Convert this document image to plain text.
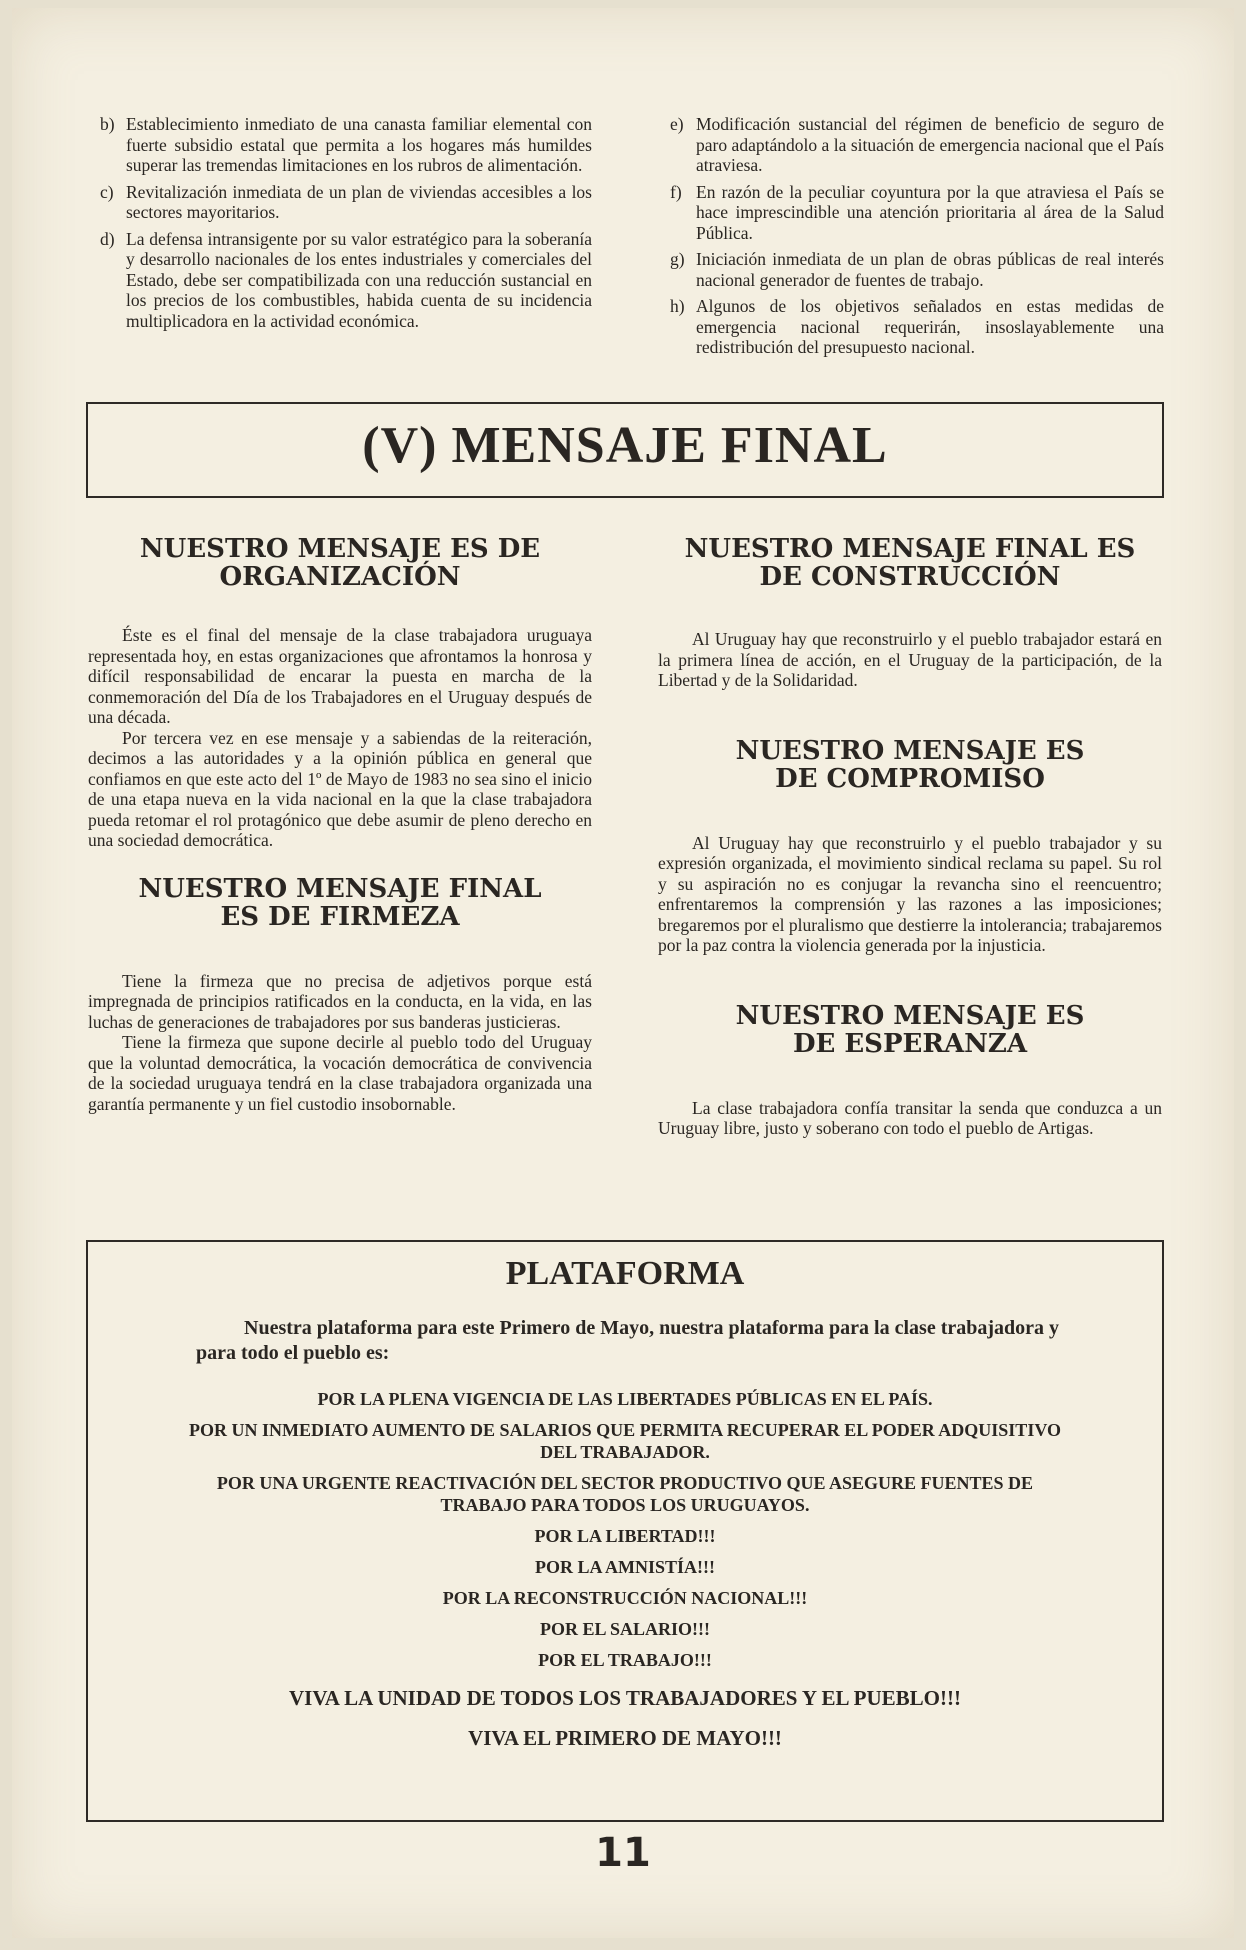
b) Establecimiento inmediato de una canasta familiar elemental con fuerte subsidio estatal que permita a los hogares más humildes superar las tremendas limitaciones en los rubros de alimentación.
c) Revitalización inmediata de un plan de viviendas accesibles a los sectores mayoritarios.
d) La defensa intransigente por su valor estratégico para la soberanía y desarrollo nacionales de los entes industriales y comerciales del Estado, debe ser compatibilizada con una reducción sustancial en los precios de los combustibles, habida cuenta de su incidencia multiplicadora en la actividad económica.
e) Modificación sustancial del régimen de beneficio de seguro de paro adaptándolo a la situación de emergencia nacional que el País atraviesa.
f) En razón de la peculiar coyuntura por la que atraviesa el País se hace imprescindible una atención prioritaria al área de la Salud Pública.
g) Iniciación inmediata de un plan de obras públicas de real interés nacional generador de fuentes de trabajo.
h) Algunos de los objetivos señalados en estas medidas de emergencia nacional requerirán, insoslayablemente una redistribución del presupuesto nacional.
(V) MENSAJE FINAL
NUESTRO MENSAJE ES DE ORGANIZACIÓN

Éste es el final del mensaje de la clase trabajadora uruguaya representada hoy, en estas organizaciones que afrontamos la honrosa y difícil responsabilidad de encarar la puesta en marcha de la conmemoración del Día de los Trabajadores en el Uruguay después de una década.

Por tercera vez en ese mensaje y a sabiendas de la reiteración, decimos a las autoridades y a la opinión pública en general que confiamos en que este acto del 1º de Mayo de 1983 no sea sino el inicio de una etapa nueva en la vida nacional en la que la clase trabajadora pueda retomar el rol protagónico que debe asumir de pleno derecho en una sociedad democrática.

NUESTRO MENSAJE FINAL ES DE FIRMEZA

Tiene la firmeza que no precisa de adjetivos porque está impregnada de principios ratificados en la conducta, en la vida, en las luchas de generaciones de trabajadores por sus banderas justicieras.

Tiene la firmeza que supone decirle al pueblo todo del Uruguay que la voluntad democrática, la vocación democrática de convivencia de la sociedad uruguaya tendrá en la clase trabajadora organizada una garantía permanente y un fiel custodio insobornable.

NUESTRO MENSAJE FINAL ES DE CONSTRUCCIÓN

Al Uruguay hay que reconstruirlo y el pueblo trabajador estará en la primera línea de acción, en el Uruguay de la participación, de la Libertad y de la Solidaridad.

NUESTRO MENSAJE ES DE COMPROMISO

Al Uruguay hay que reconstruirlo y el pueblo trabajador y su expresión organizada, el movimiento sindical reclama su papel. Su rol y su aspiración no es conjugar la revancha sino el reencuentro; enfrentaremos la comprensión y las razones a las imposiciones; bregaremos por el pluralismo que destierre la intolerancia; trabajaremos por la paz contra la violencia generada por la injusticia.

NUESTRO MENSAJE ES DE ESPERANZA

La clase trabajadora confía transitar la senda que conduzca a un Uruguay libre, justo y soberano con todo el pueblo de Artigas.

PLATAFORMA
Nuestra plataforma para este Primero de Mayo, nuestra plataforma para la clase trabajadora y para todo el pueblo es:
POR LA PLENA VIGENCIA DE LAS LIBERTADES PÚBLICAS EN EL PAÍS.
POR UN INMEDIATO AUMENTO DE SALARIOS QUE PERMITA RECUPERAR EL PODER ADQUISITIVO DEL TRABAJADOR.
POR UNA URGENTE REACTIVACIÓN DEL SECTOR PRODUCTIVO QUE ASEGURE FUENTES DE TRABAJO PARA TODOS LOS URUGUAYOS.
POR LA LIBERTAD!!!
POR LA AMNISTÍA!!!
POR LA RECONSTRUCCIÓN NACIONAL!!!
POR EL SALARIO!!!
POR EL TRABAJO!!!
VIVA LA UNIDAD DE TODOS LOS TRABAJADORES Y EL PUEBLO!!!
VIVA EL PRIMERO DE MAYO!!!
11
